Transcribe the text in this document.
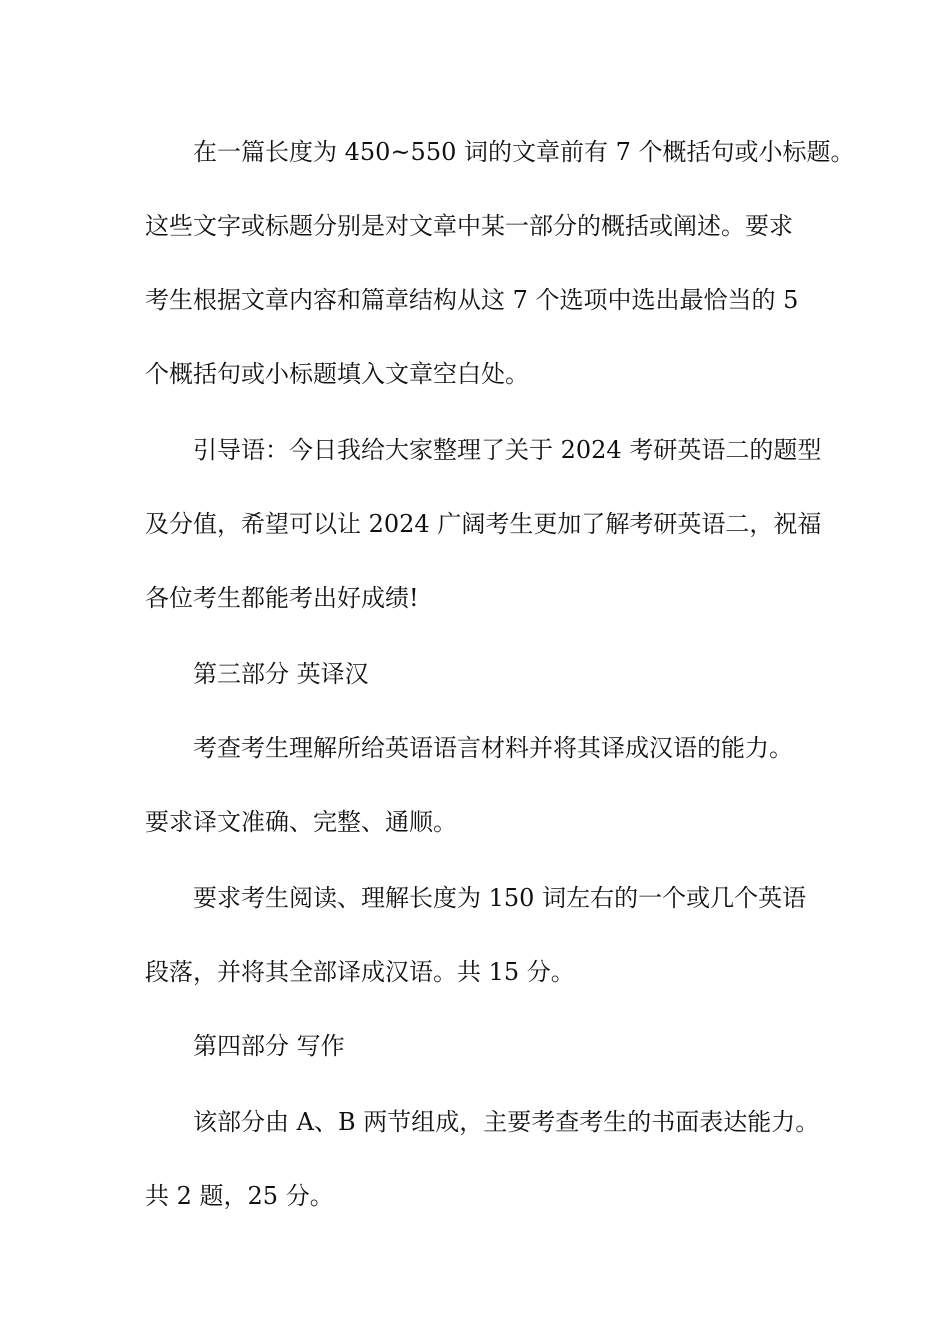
在一篇长度为 450~550 词的文章前有 7 个概括句或小标题。
这些文字或标题分别是对文章中某一部分的概括或阐述。要求
考生根据文章内容和篇章结构从这 7 个选项中选出最恰当的 5
个概括句或小标题填入文章空白处。
引导语：今日我给大家整理了关于 2024 考研英语二的题型
及分值，希望可以让 2024 广阔考生更加了解考研英语二，祝福
各位考生都能考出好成绩!
第三部分 英译汉
考查考生理解所给英语语言材料并将其译成汉语的能力。
要求译文准确、完整、通顺。
要求考生阅读、理解长度为 150 词左右的一个或几个英语
段落，并将其全部译成汉语。共 15 分。
第四部分 写作
该部分由 A、B 两节组成，主要考查考生的书面表达能力。
共 2 题，25 分。
